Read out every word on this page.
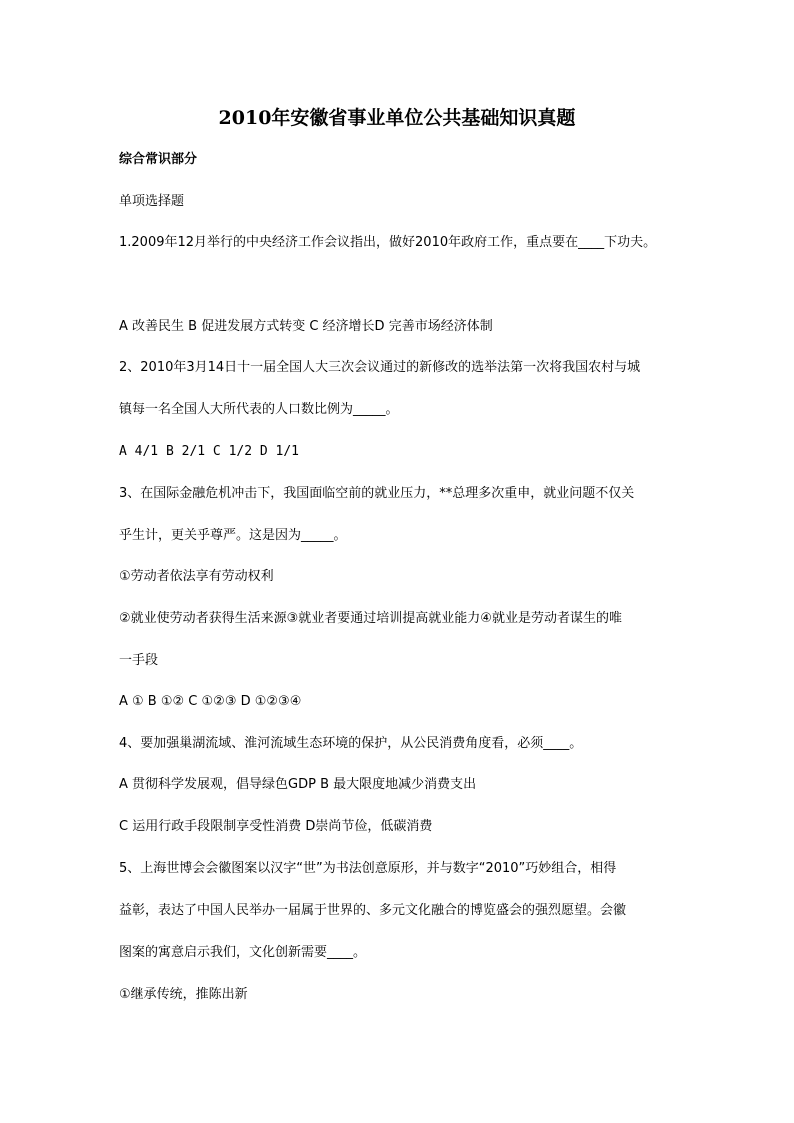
2010年安徽省事业单位公共基础知识真题
综合常识部分
单项选择题
1.2009年12月举行的中央经济工作会议指出，做好2010年政府工作，重点要在____下功夫。
A 改善民生 B 促进发展方式转变 C 经济增长D 完善市场经济体制
2、2010年3月14日十一届全国人大三次会议通过的新修改的选举法第一次将我国农村与城
镇每一名全国人大所代表的人口数比例为_____。
A 4/1 B 2/1 C 1/2 D 1/1
3、在国际金融危机冲击下，我国面临空前的就业压力，**总理多次重申，就业问题不仅关
乎生计，更关乎尊严。这是因为_____。
①劳动者依法享有劳动权利
②就业使劳动者获得生活来源③就业者要通过培训提高就业能力④就业是劳动者谋生的唯
一手段
A ① B ①② C ①②③ D ①②③④
4、要加强巢湖流域、淮河流域生态环境的保护，从公民消费角度看，必须____。
A 贯彻科学发展观，倡导绿色GDP B 最大限度地减少消费支出
C 运用行政手段限制享受性消费 D崇尚节俭，低碳消费
5、上海世博会会徽图案以汉字“世”为书法创意原形，并与数字“2010”巧妙组合，相得
益彰，表达了中国人民举办一届属于世界的、多元文化融合的博览盛会的强烈愿望。会徽
图案的寓意启示我们，文化创新需要____。
①继承传统，推陈出新
